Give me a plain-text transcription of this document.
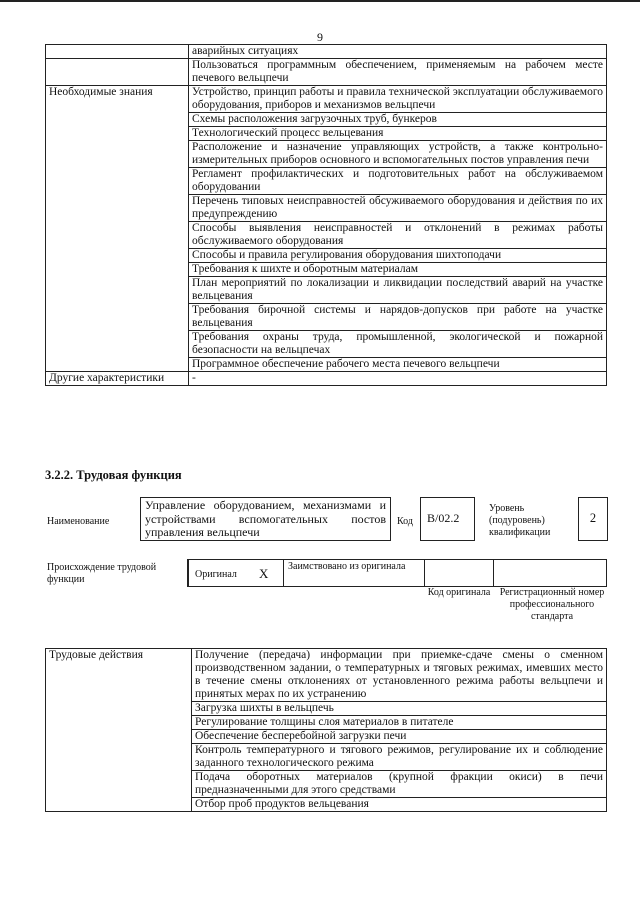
9
	аварийных ситуациях
	Пользоваться программным обеспечением, применяемым на рабочем месте печевого вельцпечи
Необходимые знания	Устройство, принцип работы и правила технической эксплуатации обслуживаемого оборудования, приборов и механизмов вельцпечи
	Схемы расположения загрузочных труб, бункеров
	Технологический процесс вельцевания
	Расположение и назначение управляющих устройств, а также контрольно-измерительных приборов основного и вспомогательных постов управления печи
	Регламент профилактических и подготовительных работ на обслуживаемом оборудовании
	Перечень типовых неисправностей обсуживаемого оборудования и действия по их предупреждению
	Способы выявления неисправностей и отклонений в режимах работы обслуживаемого оборудования
	Способы и правила регулирования оборудования шихтоподачи
	Требования к шихте и оборотным материалам
	План мероприятий по локализации и ликвидации последствий аварий на участке вельцевания
	Требования бирочной системы и нарядов-допусков при работе на участке вельцевания
	Требования охраны труда, промышленной, экологической и пожарной безопасности на вельцпечах
	Программное обеспечение рабочего места печевого вельцпечи
Другие характеристики	-
3.2.2. Трудовая функция
Наименование
Управление оборудованием, механизмами и устройствами вспомогательных постов управления вельцпечи
Код	B/02.2
Уровень (подуровень) квалификации
2
Происхождение трудовой функции	Оригинал X Заимствовано из оригинала
Код оригинала Регистрационный номер профессионального стандарта
Трудовые действия	Получение (передача) информации при приемке-сдаче смены о сменном производственном задании, о температурных и тяговых режимах, имевших место в течение смены отклонениях от установленного режима работы вельцпечи и принятых мерах по их устранению
Загрузка шихты в вельцпечь
Регулирование толщины слоя материалов в питателе
Обеспечение бесперебойной загрузки печи
Контроль температурного и тягового режимов, регулирование их и соблюдение заданного технологического режима
Подача оборотных материалов (крупной фракции окиси) в печи предназначенными для этого средствами
Отбор проб продуктов вельцевания
